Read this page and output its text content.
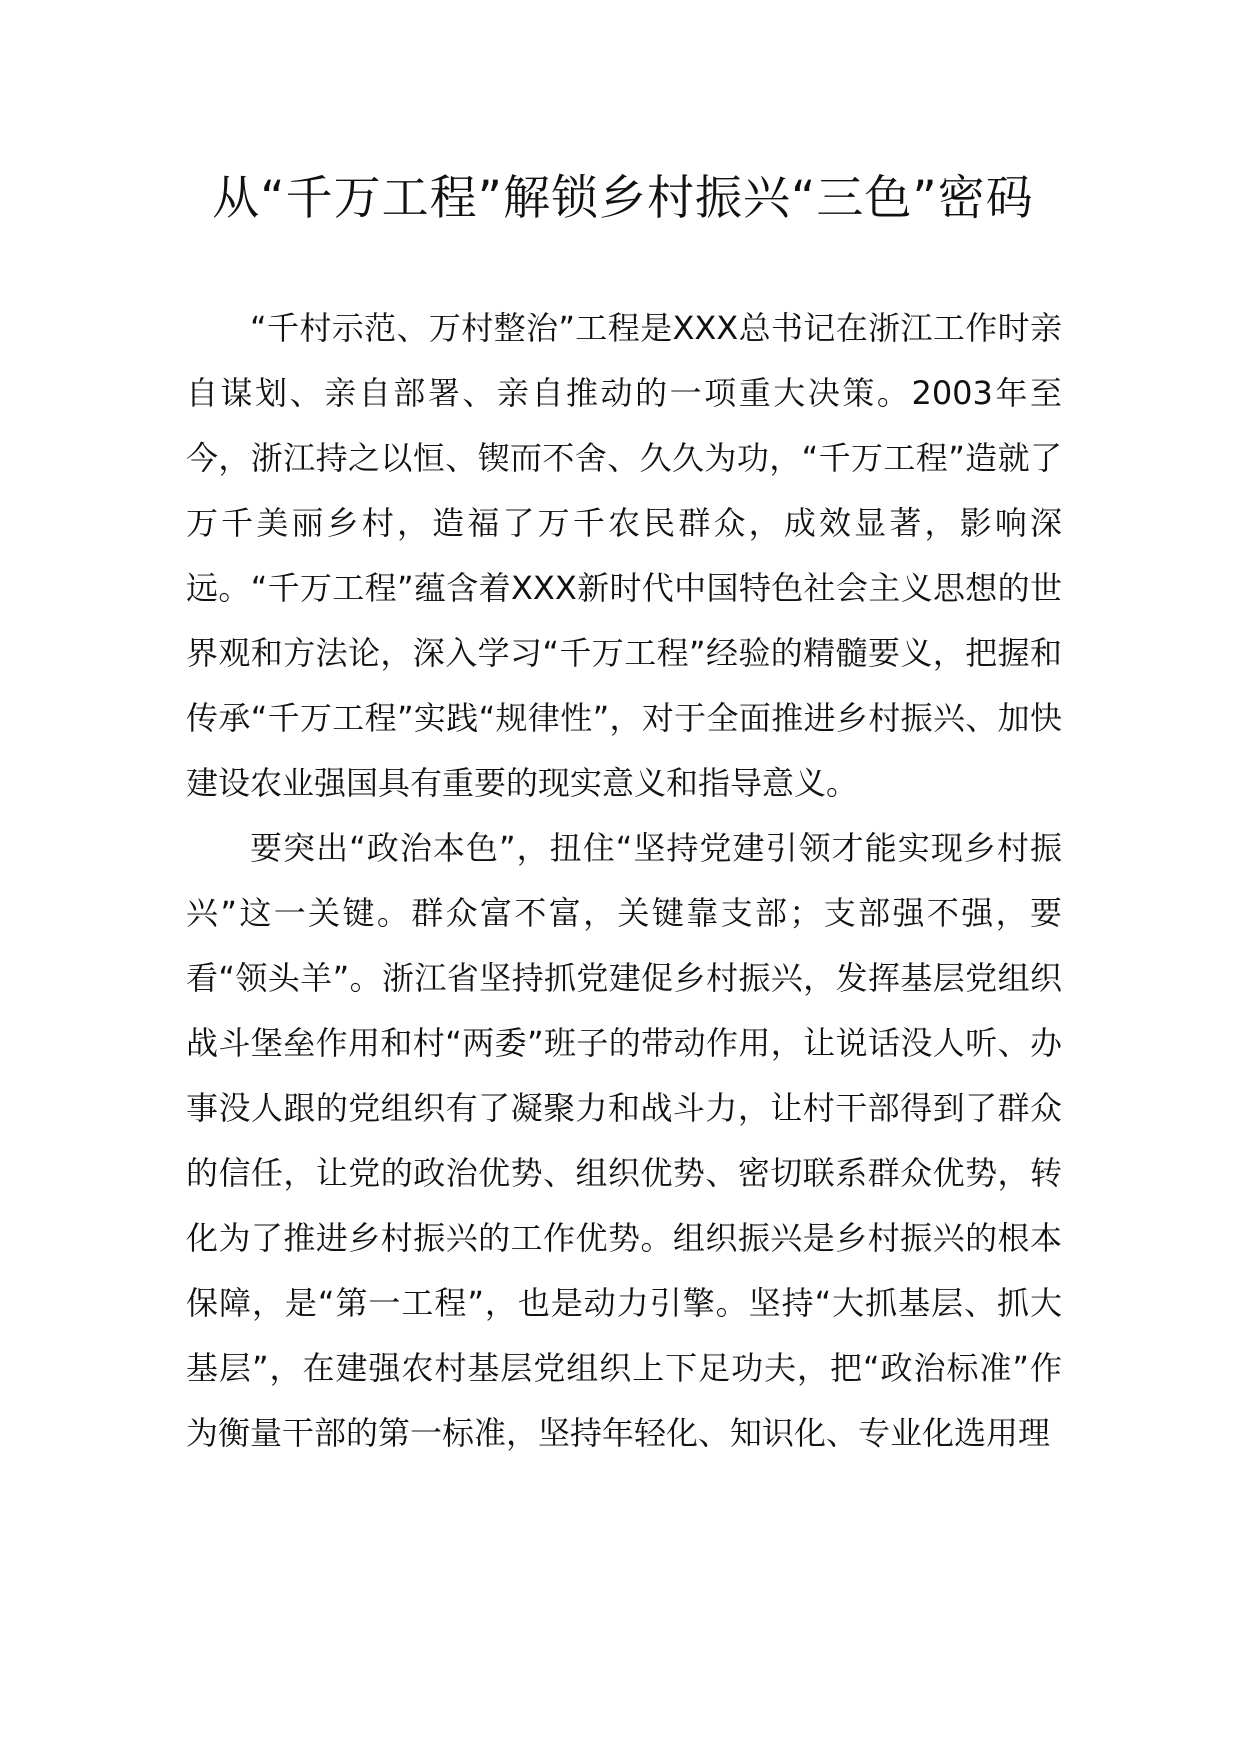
从“千万工程”解锁乡村振兴“三色”密码

“千村示范、万村整治”工程是XXX总书记在浙江工作时亲自谋划、亲自部署、亲自推动的一项重大决策。2003年至今，浙江持之以恒、锲而不舍、久久为功，“千万工程”造就了万千美丽乡村，造福了万千农民群众，成效显著，影响深远。“千万工程”蕴含着XXX新时代中国特色社会主义思想的世界观和方法论，深入学习“千万工程”经验的精髓要义，把握和传承“千万工程”实践“规律性”，对于全面推进乡村振兴、加快建设农业强国具有重要的现实意义和指导意义。

要突出“政治本色”，扭住“坚持党建引领才能实现乡村振兴”这一关键。群众富不富，关键靠支部；支部强不强，要看“领头羊”。浙江省坚持抓党建促乡村振兴，发挥基层党组织战斗堡垒作用和村“两委”班子的带动作用，让说话没人听、办事没人跟的党组织有了凝聚力和战斗力，让村干部得到了群众的信任，让党的政治优势、组织优势、密切联系群众优势，转化为了推进乡村振兴的工作优势。组织振兴是乡村振兴的根本保障，是“第一工程”，也是动力引擎。坚持“大抓基层、抓大基层”，在建强农村基层党组织上下足功夫，把“政治标准”作为衡量干部的第一标准，坚持年轻化、知识化、专业化选用理
